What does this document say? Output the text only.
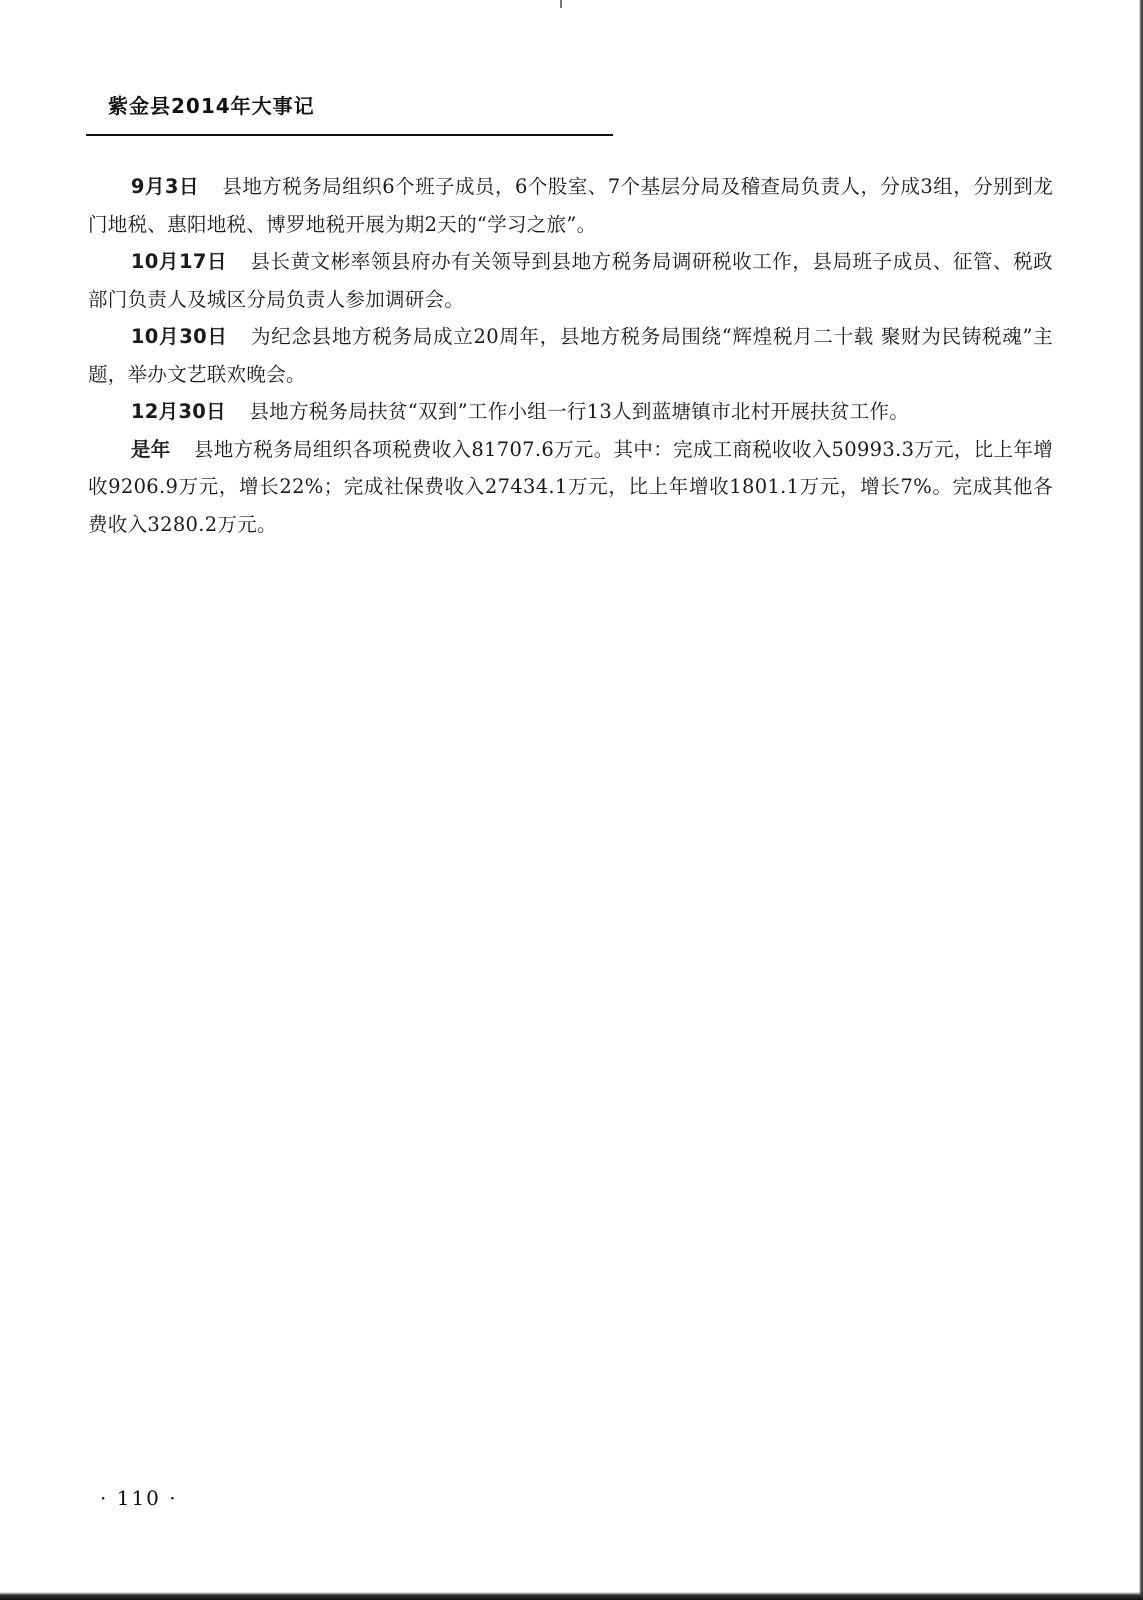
紫金县2014年大事记

9月3日 县地方税务局组织6个班子成员，6个股室、7个基层分局及稽查局负责人，分成3组，分别到龙门地税、惠阳地税、博罗地税开展为期2天的“学习之旅”。

10月17日 县长黄文彬率领县府办有关领导到县地方税务局调研税收工作，县局班子成员、征管、税政部门负责人及城区分局负责人参加调研会。

10月30日 为纪念县地方税务局成立20周年，县地方税务局围绕“辉煌税月二十载 聚财为民铸税魂”主题，举办文艺联欢晚会。

12月30日 县地方税务局扶贫“双到”工作小组一行13人到蓝塘镇市北村开展扶贫工作。

是年 县地方税务局组织各项税费收入81707.6万元。其中：完成工商税收收入50993.3万元，比上年增收9206.9万元，增长22%；完成社保费收入27434.1万元，比上年增收1801.1万元，增长7%。完成其他各费收入3280.2万元。

· 110 ·
